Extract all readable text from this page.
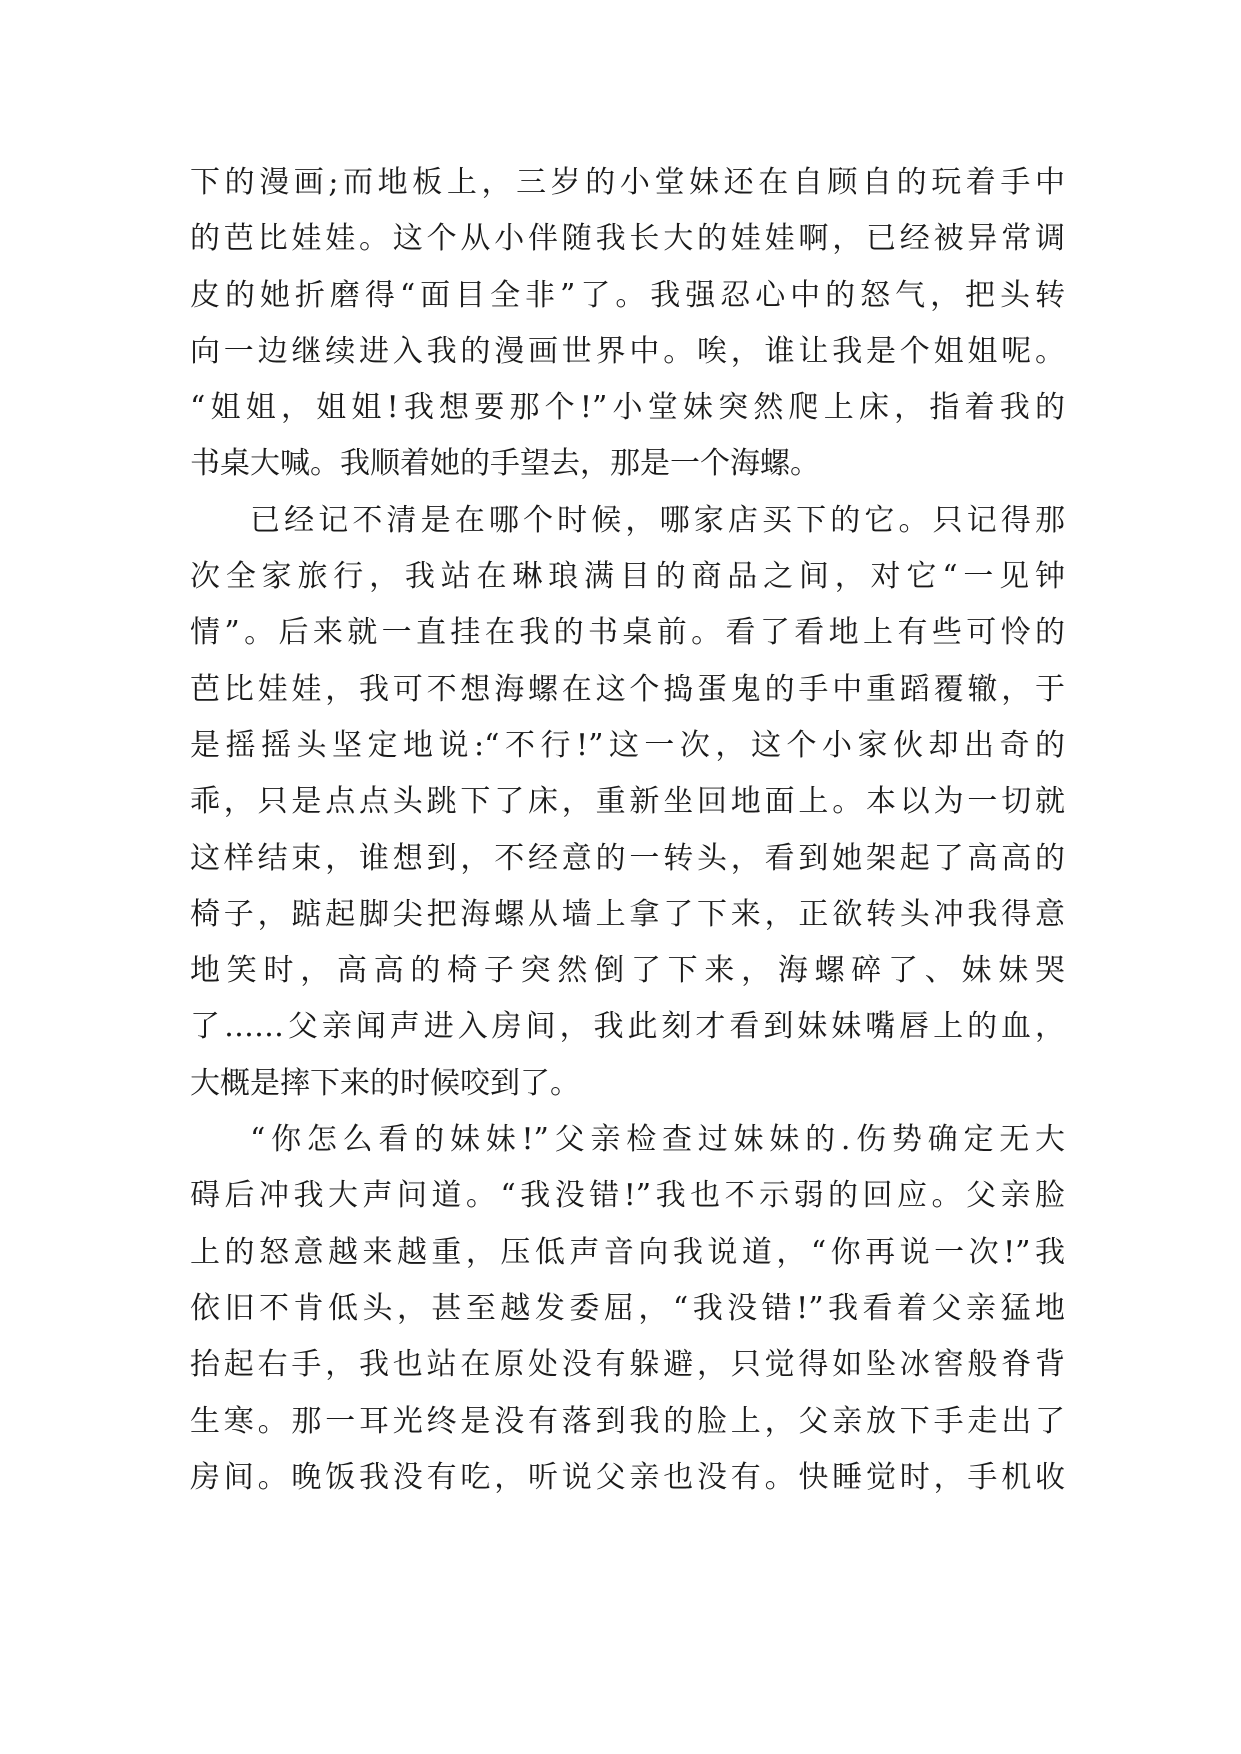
下的漫画;而地板上，三岁的小堂妹还在自顾自的玩着手中
的芭比娃娃。这个从小伴随我长大的娃娃啊，已经被异常调
皮的她折磨得“面目全非”了。我强忍心中的怒气，把头转
向一边继续进入我的漫画世界中。唉，谁让我是个姐姐呢。
“姐姐，姐姐!我想要那个!”小堂妹突然爬上床，指着我的
书桌大喊。我顺着她的手望去，那是一个海螺。
已经记不清是在哪个时候，哪家店买下的它。只记得那
次全家旅行，我站在琳琅满目的商品之间，对它“一见钟
情”。后来就一直挂在我的书桌前。看了看地上有些可怜的
芭比娃娃，我可不想海螺在这个捣蛋鬼的手中重蹈覆辙，于
是摇摇头坚定地说:“不行!”这一次，这个小家伙却出奇的
乖，只是点点头跳下了床，重新坐回地面上。本以为一切就
这样结束，谁想到，不经意的一转头，看到她架起了高高的
椅子，踮起脚尖把海螺从墙上拿了下来，正欲转头冲我得意
地笑时，高高的椅子突然倒了下来，海螺碎了、妹妹哭
了……父亲闻声进入房间，我此刻才看到妹妹嘴唇上的血，
大概是摔下来的时候咬到了。
“你怎么看的妹妹!”父亲检查过妹妹的.伤势确定无大
碍后冲我大声问道。“我没错!”我也不示弱的回应。父亲脸
上的怒意越来越重，压低声音向我说道，“你再说一次!”我
依旧不肯低头，甚至越发委屈，“我没错!”我看着父亲猛地
抬起右手，我也站在原处没有躲避，只觉得如坠冰窖般脊背
生寒。那一耳光终是没有落到我的脸上，父亲放下手走出了
房间。晚饭我没有吃，听说父亲也没有。快睡觉时，手机收
